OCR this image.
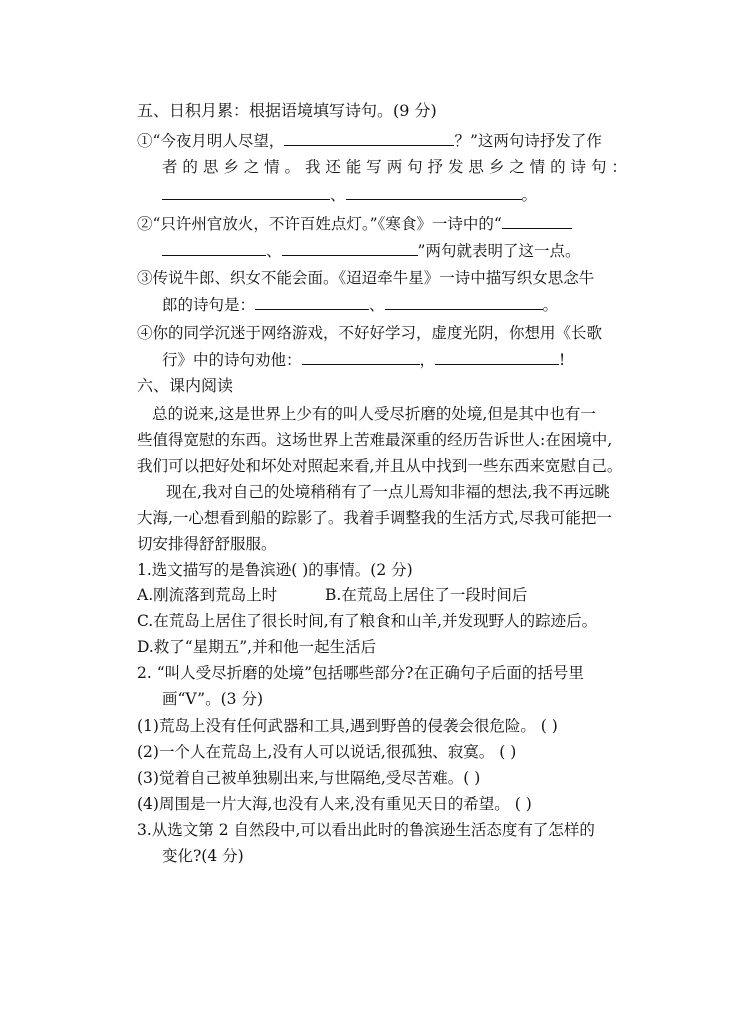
五、日积月累：根据语境填写诗句。(9 分)
①“今夜月明人尽望，	？”这两句诗抒发了作
者 的 思 乡 之 情 。 我 还 能 写 两 句 抒 发 思 乡 之 情 的 诗 句 ：
、	。
②“只许州官放火，不许百姓点灯。”《寒食》一诗中的“
、	”两句就表明了这一点。
③传说牛郎、织女不能会面。《迢迢牵牛星》一诗中描写织女思念牛
郎的诗句是：	、	。
④你的同学沉迷于网络游戏，不好好学习，虚度光阴，你想用《长歌
行》中的诗句劝他：	，	!
六、课内阅读
总的说来,这是世界上少有的叫人受尽折磨的处境,但是其中也有一
些值得宽慰的东西。这场世界上苦难最深重的经历告诉世人:在困境中,
我们可以把好处和坏处对照起来看,并且从中找到一些东西来宽慰自己。
现在,我对自己的处境稍稍有了一点儿焉知非福的想法,我不再远眺
大海,一心想看到船的踪影了。我着手调整我的生活方式,尽我可能把一
切安排得舒舒服服。
1.选文描写的是鲁滨逊( )的事情。(2 分)
A.刚流落到荒岛上时	B.在荒岛上居住了一段时间后
C.在荒岛上居住了很长时间,有了粮食和山羊,并发现野人的踪迹后。
D.救了“星期五”,并和他一起生活后
2. “叫人受尽折磨的处境”包括哪些部分?在正确句子后面的括号里
画“V”。(3 分)
(1)荒岛上没有任何武器和工具,遇到野兽的侵袭会很危险。 ( )
(2)一个人在荒岛上,没有人可以说话,很孤独、寂寞。 ( )
(3)觉着自己被单独剔出来,与世隔绝,受尽苦难。( )
(4)周围是一片大海,也没有人来,没有重见天日的希望。 ( )
3.从选文第 2 自然段中,可以看出此时的鲁滨逊生活态度有了怎样的
变化?(4 分)
